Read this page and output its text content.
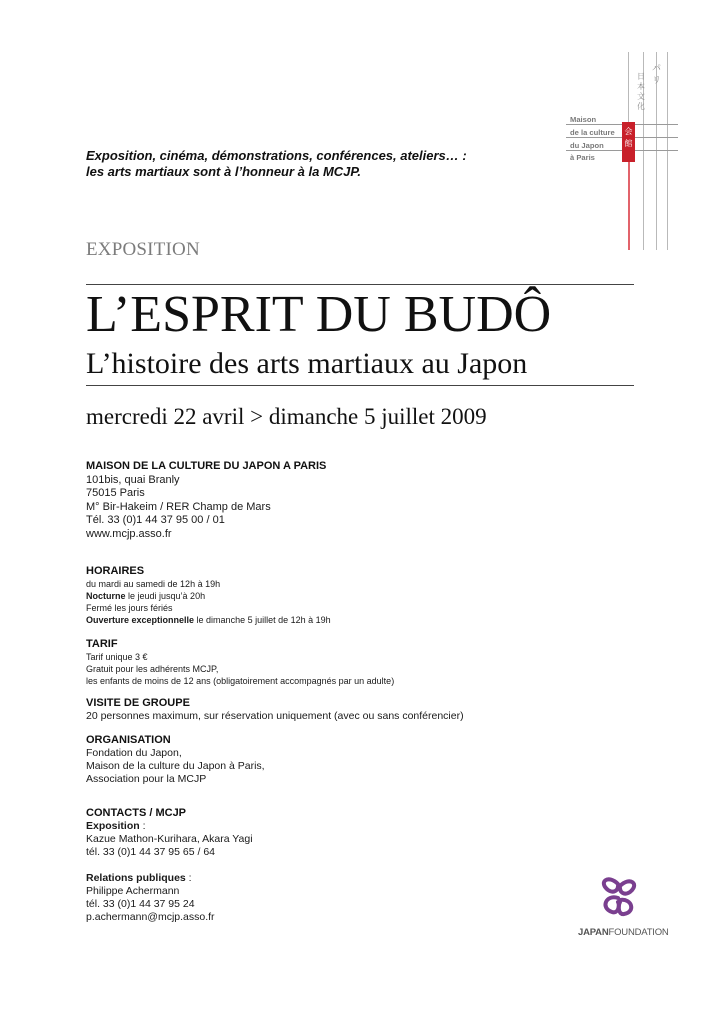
会館
日本文化
パリ
Maison
de la culture
du Japon
à Paris
Exposition, cinéma, démonstrations, conférences, ateliers… :
les arts martiaux sont à l’honneur à la MCJP.
EXPOSITION
L’ESPRIT DU BUDÔ
L’histoire des arts martiaux au Japon
mercredi 22 avril > dimanche 5 juillet 2009
MAISON DE LA CULTURE DU JAPON A PARIS
101bis, quai Branly
75015 Paris
M° Bir-Hakeim / RER Champ de Mars
Tél. 33 (0)1 44 37 95 00 / 01
www.mcjp.asso.fr
HORAIRES
du mardi au samedi de 12h à 19h
Nocturne le jeudi jusqu’à 20h
Fermé les jours fériés
Ouverture exceptionnelle le dimanche 5 juillet de 12h à 19h
TARIF
Tarif unique 3 €
Gratuit pour les adhérents MCJP,
les enfants de moins de 12 ans (obligatoirement accompagnés par un adulte)
VISITE DE GROUPE
20 personnes maximum, sur réservation uniquement (avec ou sans conférencier)
ORGANISATION
Fondation du Japon,
Maison de la culture du Japon à Paris,
Association pour la MCJP
CONTACTS / MCJP
Exposition :
Kazue Mathon-Kurihara, Akara Yagi
tél. 33 (0)1 44 37 95 65 / 64
Relations publiques :
Philippe Achermann
tél. 33 (0)1 44 37 95 24
p.achermann@mcjp.asso.fr
JAPANFOUNDATION
